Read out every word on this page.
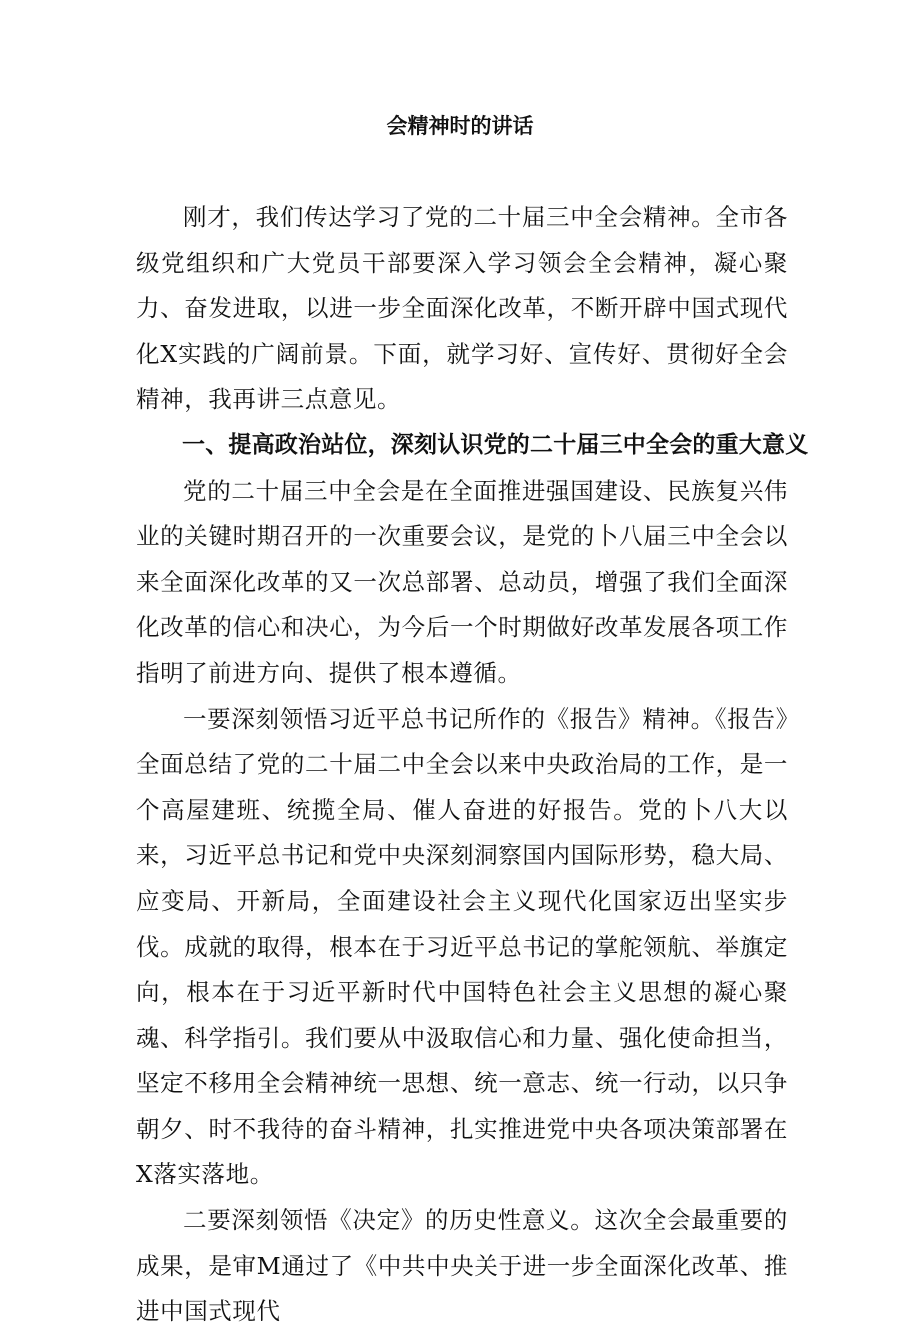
会精神时的讲话

刚才，我们传达学习了党的二十届三中全会精神。全市各级党组织和广大党员干部要深入学习领会全会精神，凝心聚力、奋发进取，以进一步全面深化改革，不断开辟中国式现代化X实践的广阔前景。下面，就学习好、宣传好、贯彻好全会精神，我再讲三点意见。

一、提高政治站位，深刻认识党的二十届三中全会的重大意义

党的二十届三中全会是在全面推进强国建设、民族复兴伟业的关键时期召开的一次重要会议，是党的卜八届三中全会以来全面深化改革的又一次总部署、总动员，增强了我们全面深化改革的信心和决心，为今后一个时期做好改革发展各项工作指明了前进方向、提供了根本遵循。

一要深刻领悟习近平总书记所作的《报告》精神。《报告》全面总结了党的二十届二中全会以来中央政治局的工作，是一个高屋建班、统揽全局、催人奋进的好报告。党的卜八大以来，习近平总书记和党中央深刻洞察国内国际形势，稳大局、应变局、开新局，全面建设社会主义现代化国家迈出坚实步伐。成就的取得，根本在于习近平总书记的掌舵领航、举旗定向，根本在于习近平新时代中国特色社会主义思想的凝心聚魂、科学指引。我们要从中汲取信心和力量、强化使命担当，坚定不移用全会精神统一思想、统一意志、统一行动，以只争朝夕、时不我待的奋斗精神，扎实推进党中央各项决策部署在X落实落地。

二要深刻领悟《决定》的历史性意义。这次全会最重要的成果，是审M通过了《中共中央关于进一步全面深化改革、推进中国式现代
